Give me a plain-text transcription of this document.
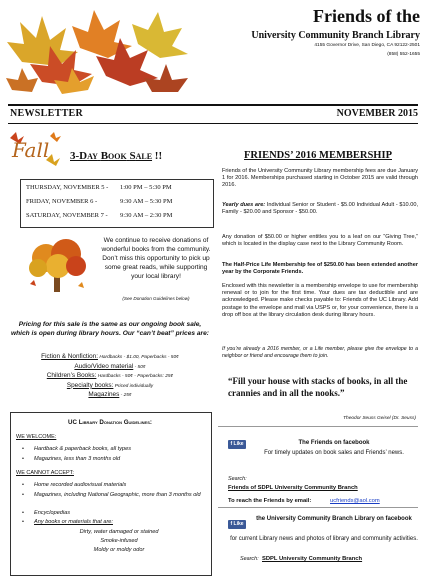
Friends of the
University Community Branch Library
4155 Governor Drive, San Diego, CA 92122-2501
(858) 552-1655
NEWSLETTER	NOVEMBER 2015
Fall 3-DAY BOOK SALE !!
THURSDAY, NOVEMBER 5 - 1:00 PM – 5:30 PM
FRIDAY, NOVEMBER 6 -	9:30 AM – 5:30 PM
SATURDAY, NOVEMBER 7 - 9:30 AM – 2:30 PM
We continue to receive donations of wonderful books from the community. Don’t miss this opportunity to pick up some great reads, while supporting your local library!
(See Donation Guidelines below)
Pricing for this sale is the same as our ongoing book sale, which is open during library hours. Our “can’t beat” prices are:
Fiction & Nonfiction: Hardbacks - $1.00, Paperbacks - 50¢
Audio/Video material - 50¢
Children’s Books: Hardbacks - 50¢ - Paperbacks: 25¢
Specialty books: Priced individually
Magazines - 25¢
UC Library Donation Guidelines:
WE WELCOME:
• Hardback & paperback books, all types
• Magazines, less than 3 months old
WE CANNOT ACCEPT:
• Home recorded audiovisual materials
• Magazines, including National Geographic, more than 3 months old
• Encyclopedias
• Any books or materials that are:
Dirty, water damaged or stained
Smoke-infused
Moldy or moldy odor
FRIENDS’ 2016 MEMBERSHIP
Friends of the University Community Library membership fees are due January 1 for 2016. Memberships purchased starting in October 2015 are valid through 2016.
Yearly dues are: Individual Senior or Student - $5.00 Individual Adult - $10.00, Family - $20.00 and Sponsor - $50.00.
Any donation of $50.00 or higher entitles you to a leaf on our “Giving Tree,” which is located in the display case next to the Library Community Room.
The Half-Price Life Membership fee of $250.00 has been extended another year by the Corporate Friends.
Enclosed with this newsletter is a membership envelope to use for membership renewal or to join for the first time. Your dues are tax deductible and are acknowledged. Please make checks payable to: Friends of the UC Library. Add postage to the envelope and mail via USPS or, for your convenience, there is a drop off box at the library circulation desk during library hours.
If you’re already a 2016 member, or a Life member, please give the envelope to a neighbor or friend and encourage them to join.
“Fill your house with stacks of books, in all the crannies and in all the nooks.”
Theodor Seuss Geisel (Dr. Seuss)
f Like	The Friends on facebook
For timely updates on book sales and Friends’ news.
Search:
Friends of SDPL University Community Branch
To reach the Friends by email:	ucfriends@aol.com
f Like
the University Community Branch Library on facebook
for current Library news and photos of library and community activities.
Search: SDPL University Community Branch
